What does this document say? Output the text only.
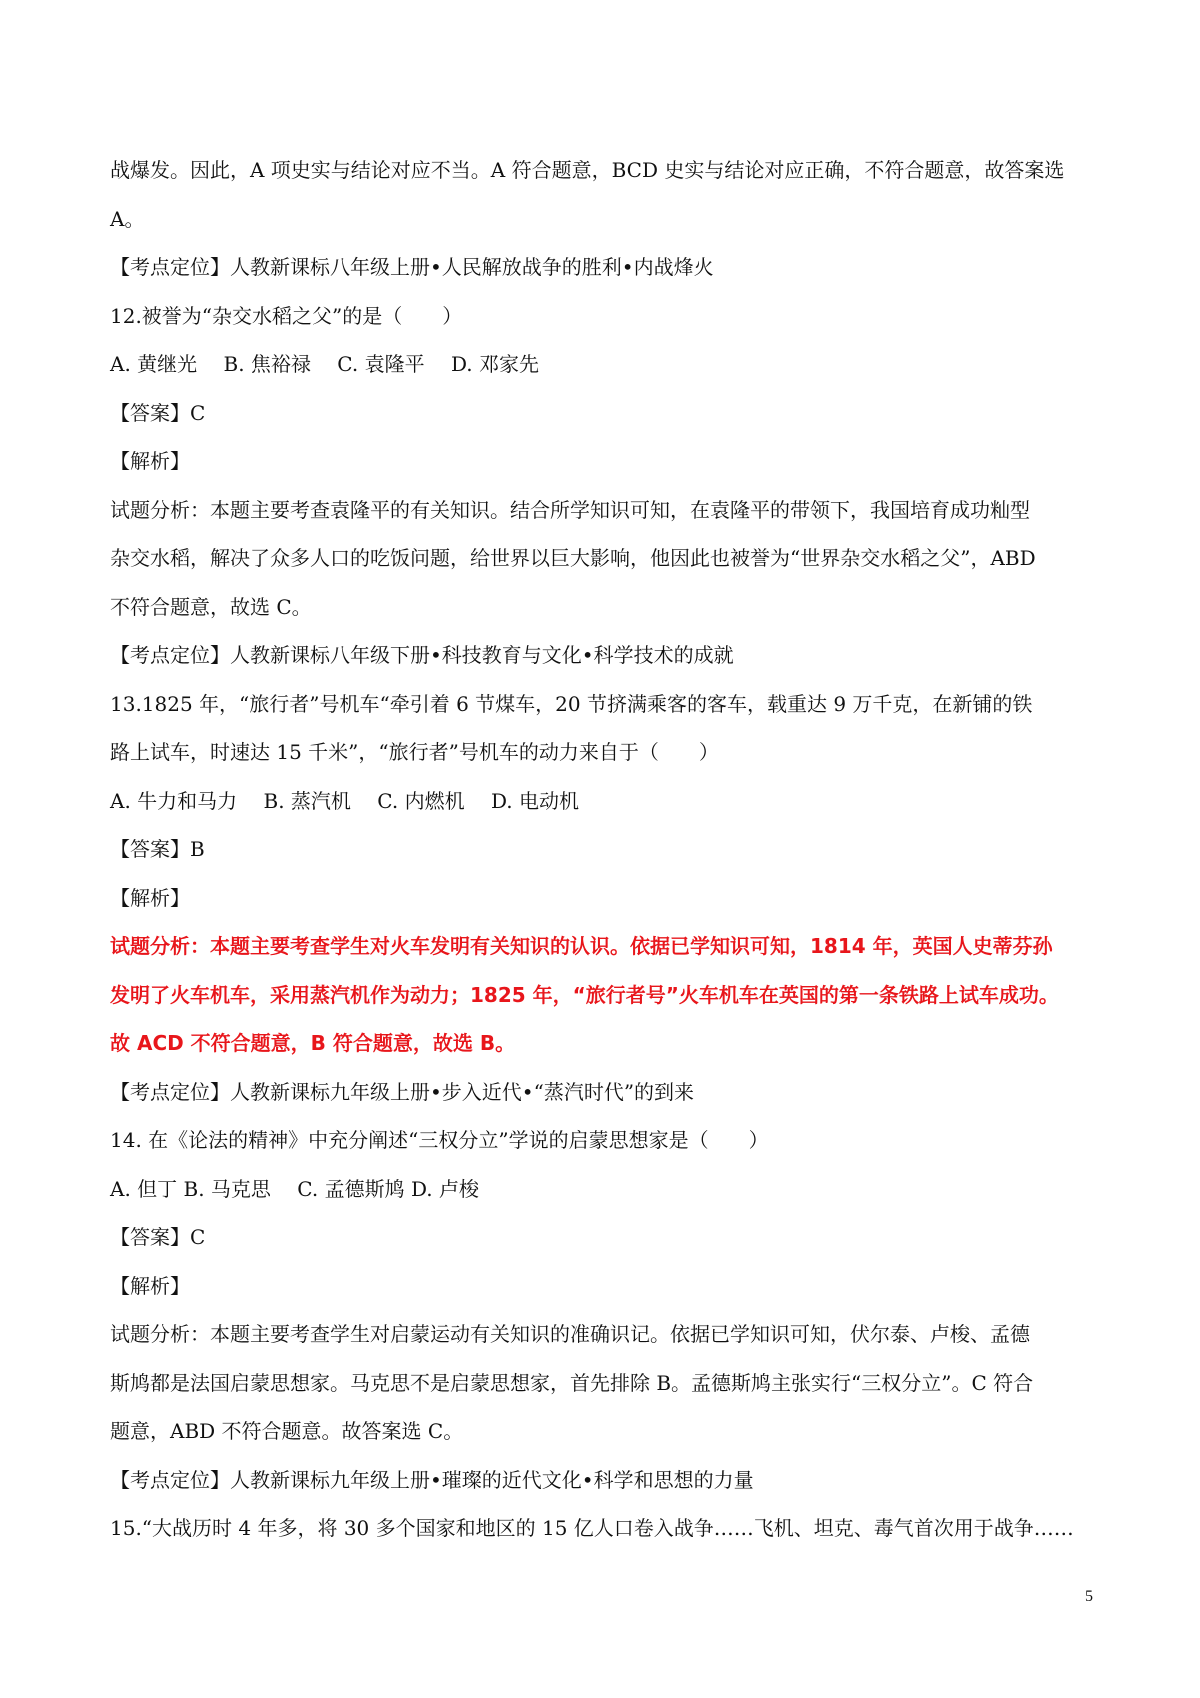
战爆发。因此，A 项史实与结论对应不当。A 符合题意，BCD 史实与结论对应正确，不符合题意，故答案选
A。
【考点定位】人教新课标八年级上册•人民解放战争的胜利•内战烽火
12.被誉为“杂交水稻之父”的是（　　）
A. 黄继光　 B. 焦裕禄　 C. 袁隆平　 D. 邓家先
【答案】C
【解析】
试题分析：本题主要考查袁隆平的有关知识。结合所学知识可知，在袁隆平的带领下，我国培育成功籼型
杂交水稻，解决了众多人口的吃饭问题，给世界以巨大影响，他因此也被誉为“世界杂交水稻之父”，ABD
不符合题意，故选 C。
【考点定位】人教新课标八年级下册•科技教育与文化•科学技术的成就
13.1825 年，“旅行者”号机车“牵引着 6 节煤车，20 节挤满乘客的客车，载重达 9 万千克，在新铺的铁
路上试车，时速达 15 千米”，“旅行者”号机车的动力来自于（　　）
A. 牛力和马力　 B. 蒸汽机　 C. 内燃机　 D. 电动机
【答案】B
【解析】
试题分析：本题主要考查学生对火车发明有关知识的认识。依据已学知识可知，1814 年，英国人史蒂芬孙
发明了火车机车，采用蒸汽机作为动力；1825 年，“旅行者号”火车机车在英国的第一条铁路上试车成功。
故 ACD 不符合题意，B 符合题意，故选 B。
【考点定位】人教新课标九年级上册•步入近代•“蒸汽时代”的到来
14. 在《论法的精神》中充分阐述“三权分立”学说的启蒙思想家是（　　）
A. 但丁 B. 马克思　 C. 孟德斯鸠 D. 卢梭
【答案】C
【解析】
试题分析：本题主要考查学生对启蒙运动有关知识的准确识记。依据已学知识可知，伏尔泰、卢梭、孟德
斯鸠都是法国启蒙思想家。马克思不是启蒙思想家，首先排除 B。孟德斯鸠主张实行“三权分立”。C 符合
题意，ABD 不符合题意。故答案选 C。
【考点定位】人教新课标九年级上册•璀璨的近代文化•科学和思想的力量
15.“大战历时 4 年多，将 30 多个国家和地区的 15 亿人口卷入战争……飞机、坦克、毒气首次用于战争……
5
